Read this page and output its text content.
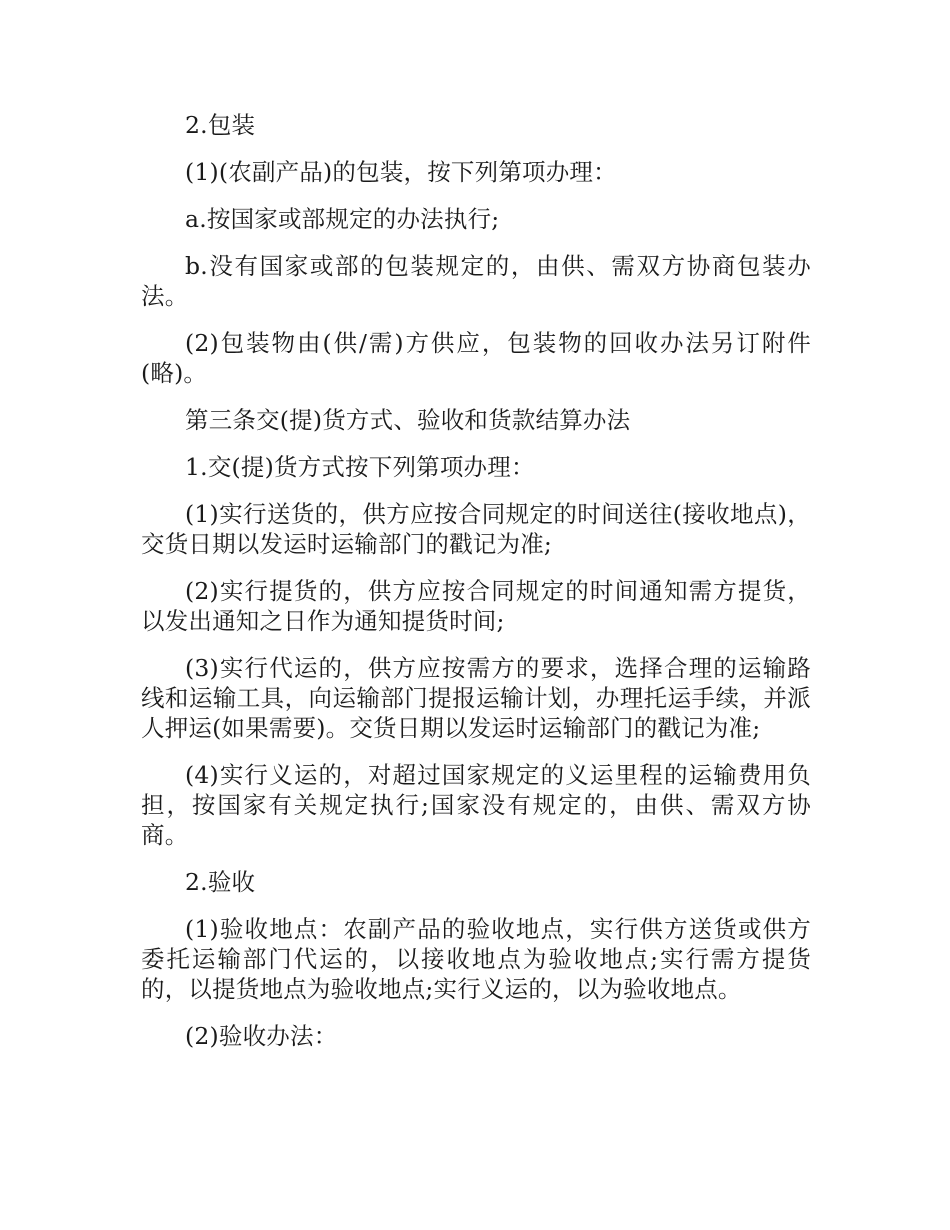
2.包装

(1)(农副产品)的包装，按下列第项办理：

a.按国家或部规定的办法执行;

b.没有国家或部的包装规定的，由供、需双方协商包装办法。

(2)包装物由(供/需)方供应，包装物的回收办法另订附件(略)。

第三条交(提)货方式、验收和货款结算办法

1.交(提)货方式按下列第项办理：

(1)实行送货的，供方应按合同规定的时间送往(接收地点)，交货日期以发运时运输部门的戳记为准;

(2)实行提货的，供方应按合同规定的时间通知需方提货，以发出通知之日作为通知提货时间;

(3)实行代运的，供方应按需方的要求，选择合理的运输路线和运输工具，向运输部门提报运输计划，办理托运手续，并派人押运(如果需要)。交货日期以发运时运输部门的戳记为准;

(4)实行义运的，对超过国家规定的义运里程的运输费用负担，按国家有关规定执行;国家没有规定的，由供、需双方协商。

2.验收

(1)验收地点：农副产品的验收地点，实行供方送货或供方委托运输部门代运的，以接收地点为验收地点;实行需方提货的，以提货地点为验收地点;实行义运的，以为验收地点。

(2)验收办法：
